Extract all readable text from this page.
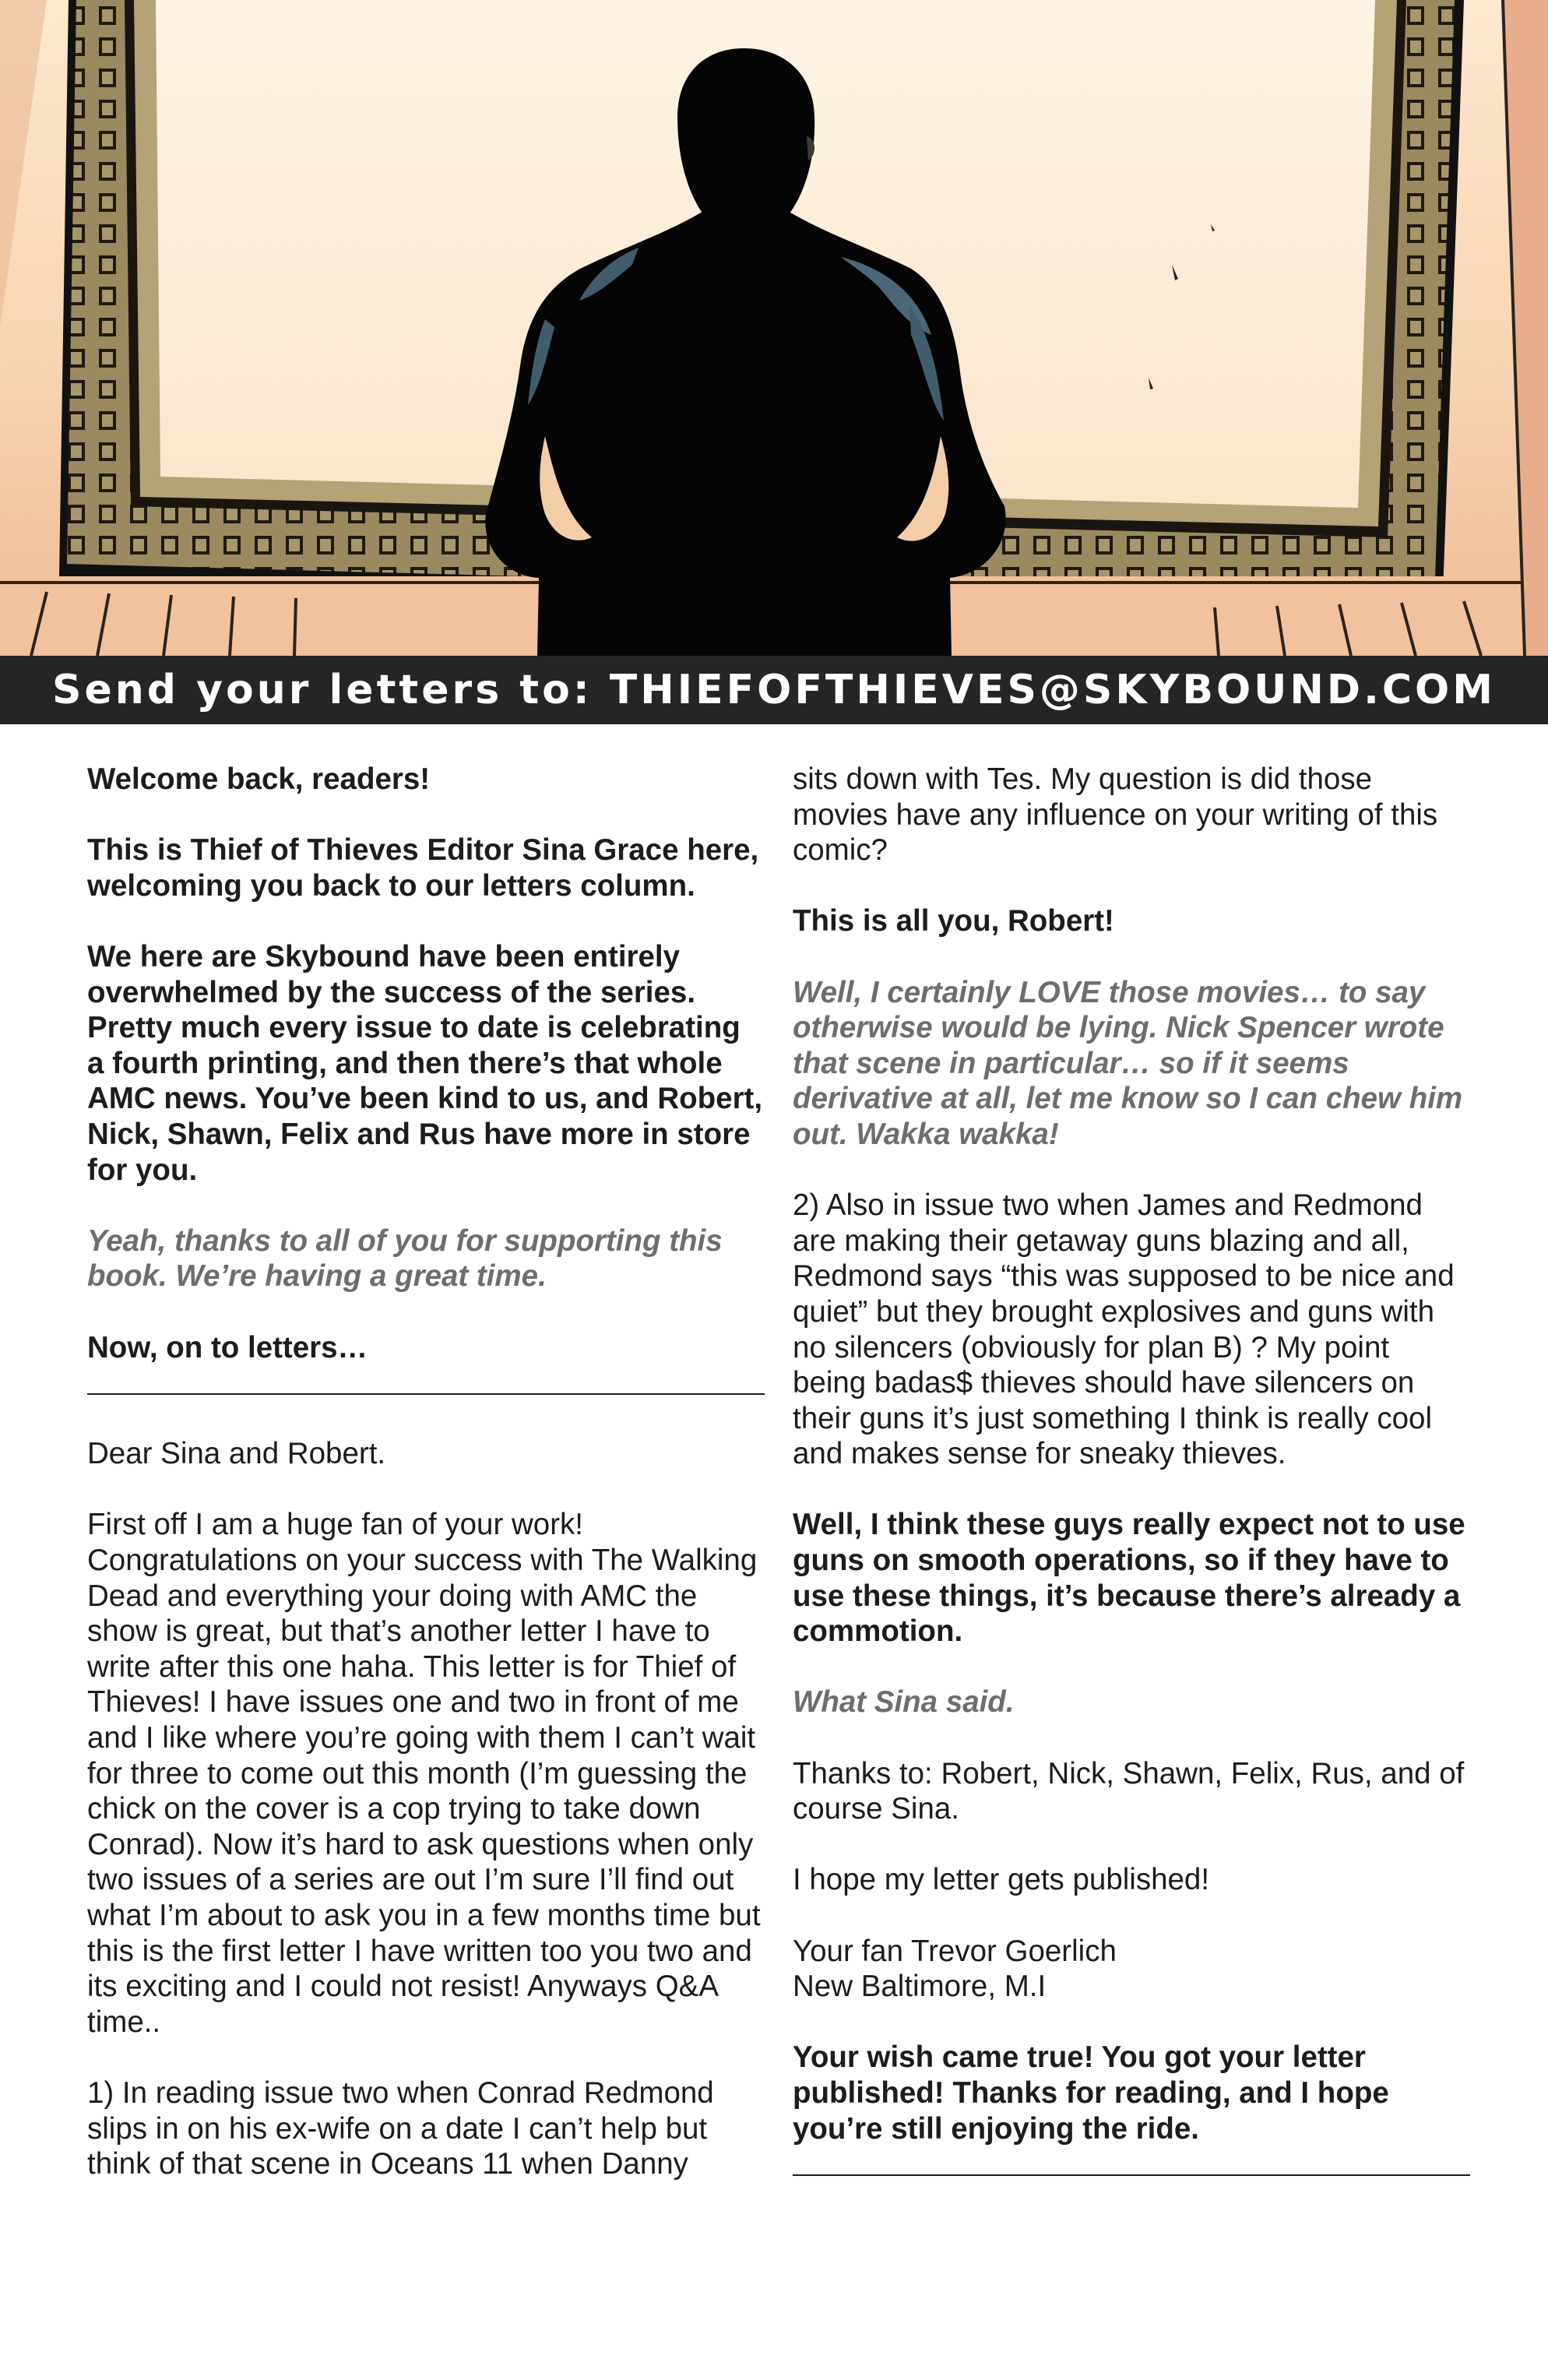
Send your letters to: THIEFOFTHIEVES@SKYBOUND.COM

Welcome back, readers!

This is Thief of Thieves Editor Sina Grace here, welcoming you back to our letters column.

We here are Skybound have been entirely overwhelmed by the success of the series. Pretty much every issue to date is celebrating a fourth printing, and then there’s that whole AMC news. You’ve been kind to us, and Robert, Nick, Shawn, Felix and Rus have more in store for you.

Yeah, thanks to all of you for supporting this book. We’re having a great time.

Now, on to letters…

Dear Sina and Robert.

First off I am a huge fan of your work! Congratulations on your success with The Walking Dead and everything your doing with AMC the show is great, but that’s another letter I have to write after this one haha. This letter is for Thief of Thieves! I have issues one and two in front of me and I like where you’re going with them I can’t wait for three to come out this month (I’m guessing the chick on the cover is a cop trying to take down Conrad). Now it’s hard to ask questions when only two issues of a series are out I’m sure I’ll find out what I’m about to ask you in a few months time but this is the first letter I have written too you two and its exciting and I could not resist! Anyways Q&A time..

1) In reading issue two when Conrad Redmond slips in on his ex-wife on a date I can’t help but think of that scene in Oceans 11 when Danny

sits down with Tes. My question is did those movies have any influence on your writing of this comic?

This is all you, Robert!

Well, I certainly LOVE those movies… to say otherwise would be lying. Nick Spencer wrote that scene in particular… so if it seems derivative at all, let me know so I can chew him out. Wakka wakka!

2) Also in issue two when James and Redmond are making their getaway guns blazing and all, Redmond says “this was supposed to be nice and quiet” but they brought explosives and guns with no silencers (obviously for plan B) ? My point being badas$ thieves should have silencers on their guns it’s just something I think is really cool and makes sense for sneaky thieves.

Well, I think these guys really expect not to use guns on smooth operations, so if they have to use these things, it’s because there’s already a commotion.

What Sina said.

Thanks to: Robert, Nick, Shawn, Felix, Rus, and of course Sina.

I hope my letter gets published!

Your fan Trevor Goerlich
New Baltimore, M.I

Your wish came true! You got your letter published! Thanks for reading, and I hope you’re still enjoying the ride.
